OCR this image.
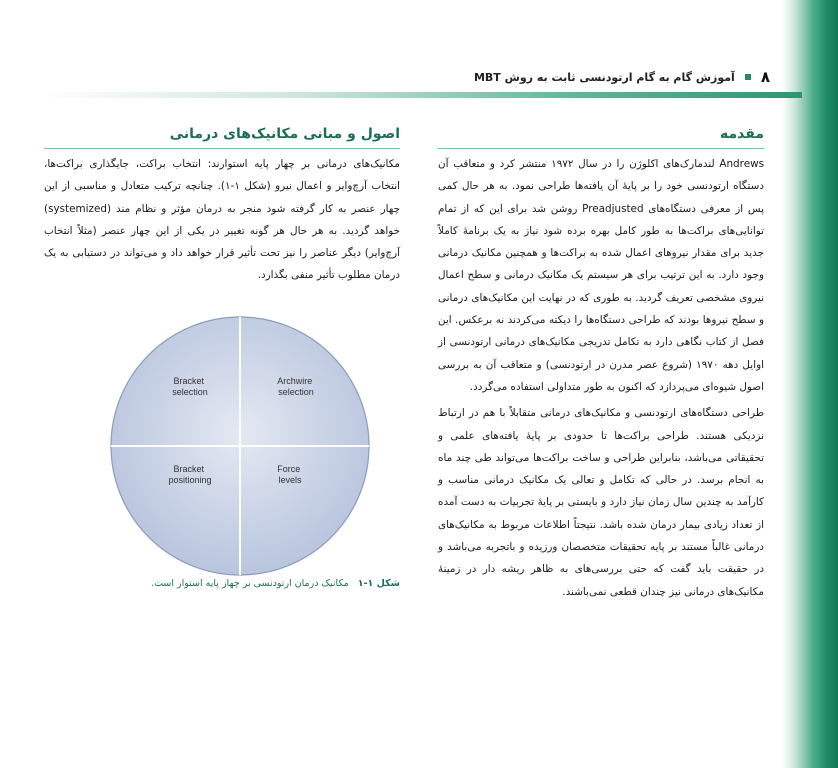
٨
آموزش گام به گام ارتودنسی ثابت به روش MBT
مقدمه

Andrews لندمارک‌های اکلوژن را در سال ۱۹۷۲ منتشر کرد و متعاقب آن دستگاه ارتودنسی خود را بر پایهٔ آن یافته‌ها طراحی نمود. به هر حال کمی پس از معرفی دستگاه‌های Preadjusted روشن شد برای این که از تمام توانایی‌های براکت‌ها به طور کامل بهره برده شود نیاز به یک برنامهٔ کاملاً جدید برای مقدار نیروهای اعمال شده به براکت‌ها و همچنین مکانیک درمانی وجود دارد. به این ترتیب برای هر سیستم یک مکانیک درمانی و سطح اعمال نیروی مشخصی تعریف گردید. به طوری که در نهایت این مکانیک‌های درمانی و سطح نیروها بودند که طراحی دستگاه‌ها را دیکته می‌کردند نه برعکس. این فصل از کتاب نگاهی دارد به تکامل تدریجی مکانیک‌های درمانی ارتودنسی از اوایل دهه ۱۹۷۰ (شروع عصر مدرن در ارتودنسی) و متعاقب آن به بررسی اصول شیوه‌ای می‌پردازد که اکنون به طور متداولی استفاده می‌گردد.

طراحی دستگاه‌های ارتودنسی و مکانیک‌های درمانی متقابلاً با هم در ارتباط نزدیکی هستند. طراحی براکت‌ها تا حدودی بر پایهٔ یافته‌های علمی و تحقیقاتی می‌باشد، بنابراین طراحی و ساخت براکت‌ها می‌تواند طی چند ماه به انجام برسد. در حالی که تکامل و تعالی یک مکانیک درمانی مناسب و کارآمد به چندین سال زمان نیاز دارد و بایستی بر پایهٔ تجربیات به دست آمده از تعداد زیادی بیمار درمان شده باشد. نتیجتاً اطلاعات مربوط به مکانیک‌های درمانی غالباً مستند بر پایه تحقیقات متخصصان ورزیده و باتجربه می‌باشد و در حقیقت باید گفت که حتی بررسی‌های به ظاهر ریشه دار در زمینهٔ مکانیک‌های درمانی نیز چندان قطعی نمی‌باشند.

اصول و مبانی مکانیک‌های درمانی

مکانیک‌های درمانی بر چهار پایه استوارند: انتخاب براکت، جایگذاری براکت‌ها، انتخاب آرچ‌وایر و اعمال نیرو (شکل ۱-۱). چنانچه ترکیب متعادل و مناسبی از این چهار عنصر به کار گرفته شود منجر به درمان مؤثر و نظام مند (systemized) خواهد گردید. به هر حال هر گونه تغییر در یکی از این چهار عنصر (مثلاً انتخاب آرچ‌وایر) دیگر عناصر را نیز تحت تأثیر قرار خواهد داد و می‌تواند در دستیابی به یک درمان مطلوب تأثیر منفی بگذارد.

Bracket selection
Archwire selection
Bracket positioning
Force levels
شکل ۱-۱ مکانیک درمان ارتودنسی بر چهار پایه استوار است.
